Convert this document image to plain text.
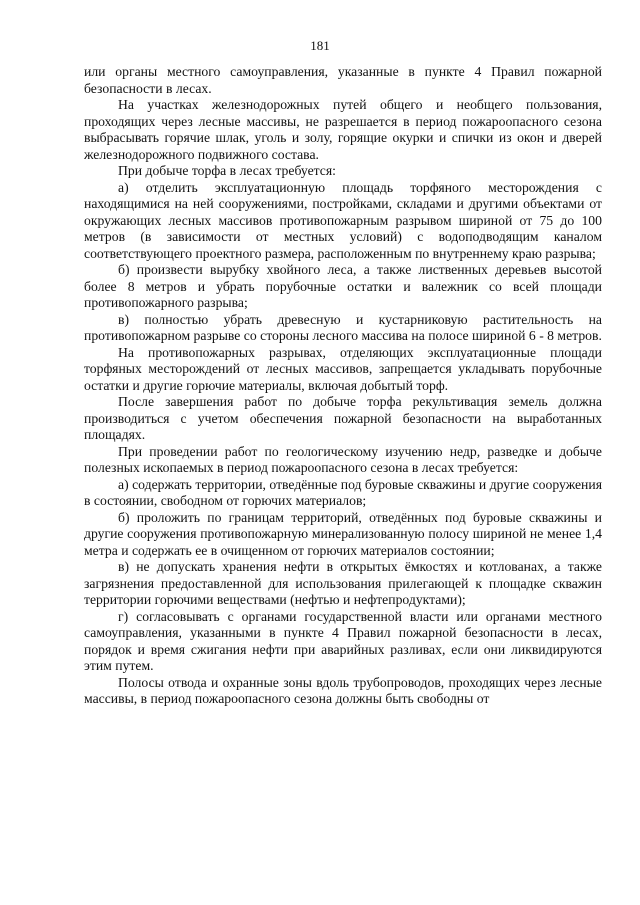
181

или органы местного самоуправления, указанные в пункте 4 Правил пожарной безопасности в лесах.

На участках железнодорожных путей общего и необщего пользования, проходящих через лесные массивы, не разрешается в период пожароопасного сезона выбрасывать горячие шлак, уголь и золу, горящие окурки и спички из окон и дверей железнодорожного подвижного состава.

При добыче торфа в лесах требуется:

а) отделить эксплуатационную площадь торфяного месторождения с находящимися на ней сооружениями, постройками, складами и другими объектами от окружающих лесных массивов противопожарным разрывом шириной от 75 до 100 метров (в зависимости от местных условий) с водоподводящим каналом соответствующего проектного размера, расположенным по внутреннему краю разрыва;

б) произвести вырубку хвойного леса, а также лиственных деревьев высотой более 8 метров и убрать порубочные остатки и валежник со всей площади противопожарного разрыва;

в) полностью убрать древесную и кустарниковую растительность на противопожарном разрыве со стороны лесного массива на полосе шириной 6 - 8 метров.

На противопожарных разрывах, отделяющих эксплуатационные площади торфяных месторождений от лесных массивов, запрещается укладывать порубочные остатки и другие горючие материалы, включая добытый торф.

После завершения работ по добыче торфа рекультивация земель должна производиться с учетом обеспечения пожарной безопасности на выработанных площадях.

При проведении работ по геологическому изучению недр, разведке и добыче полезных ископаемых в период пожароопасного сезона в лесах требуется:

а) содержать территории, отведённые под буровые скважины и другие сооружения в состоянии, свободном от горючих материалов;

б) проложить по границам территорий, отведённых под буровые скважины и другие сооружения противопожарную минерализованную полосу шириной не менее 1,4 метра и содержать ее в очищенном от горючих материалов состоянии;

в) не допускать хранения нефти в открытых ёмкостях и котлованах, а также загрязнения предоставленной для использования прилегающей к площадке скважин территории горючими веществами (нефтью и нефтепродуктами);

г) согласовывать с органами государственной власти или органами местного самоуправления, указанными в пункте 4 Правил пожарной безопасности в лесах, порядок и время сжигания нефти при аварийных разливах, если они ликвидируются этим путем.

Полосы отвода и охранные зоны вдоль трубопроводов, проходящих через лесные массивы, в период пожароопасного сезона должны быть свободны от
